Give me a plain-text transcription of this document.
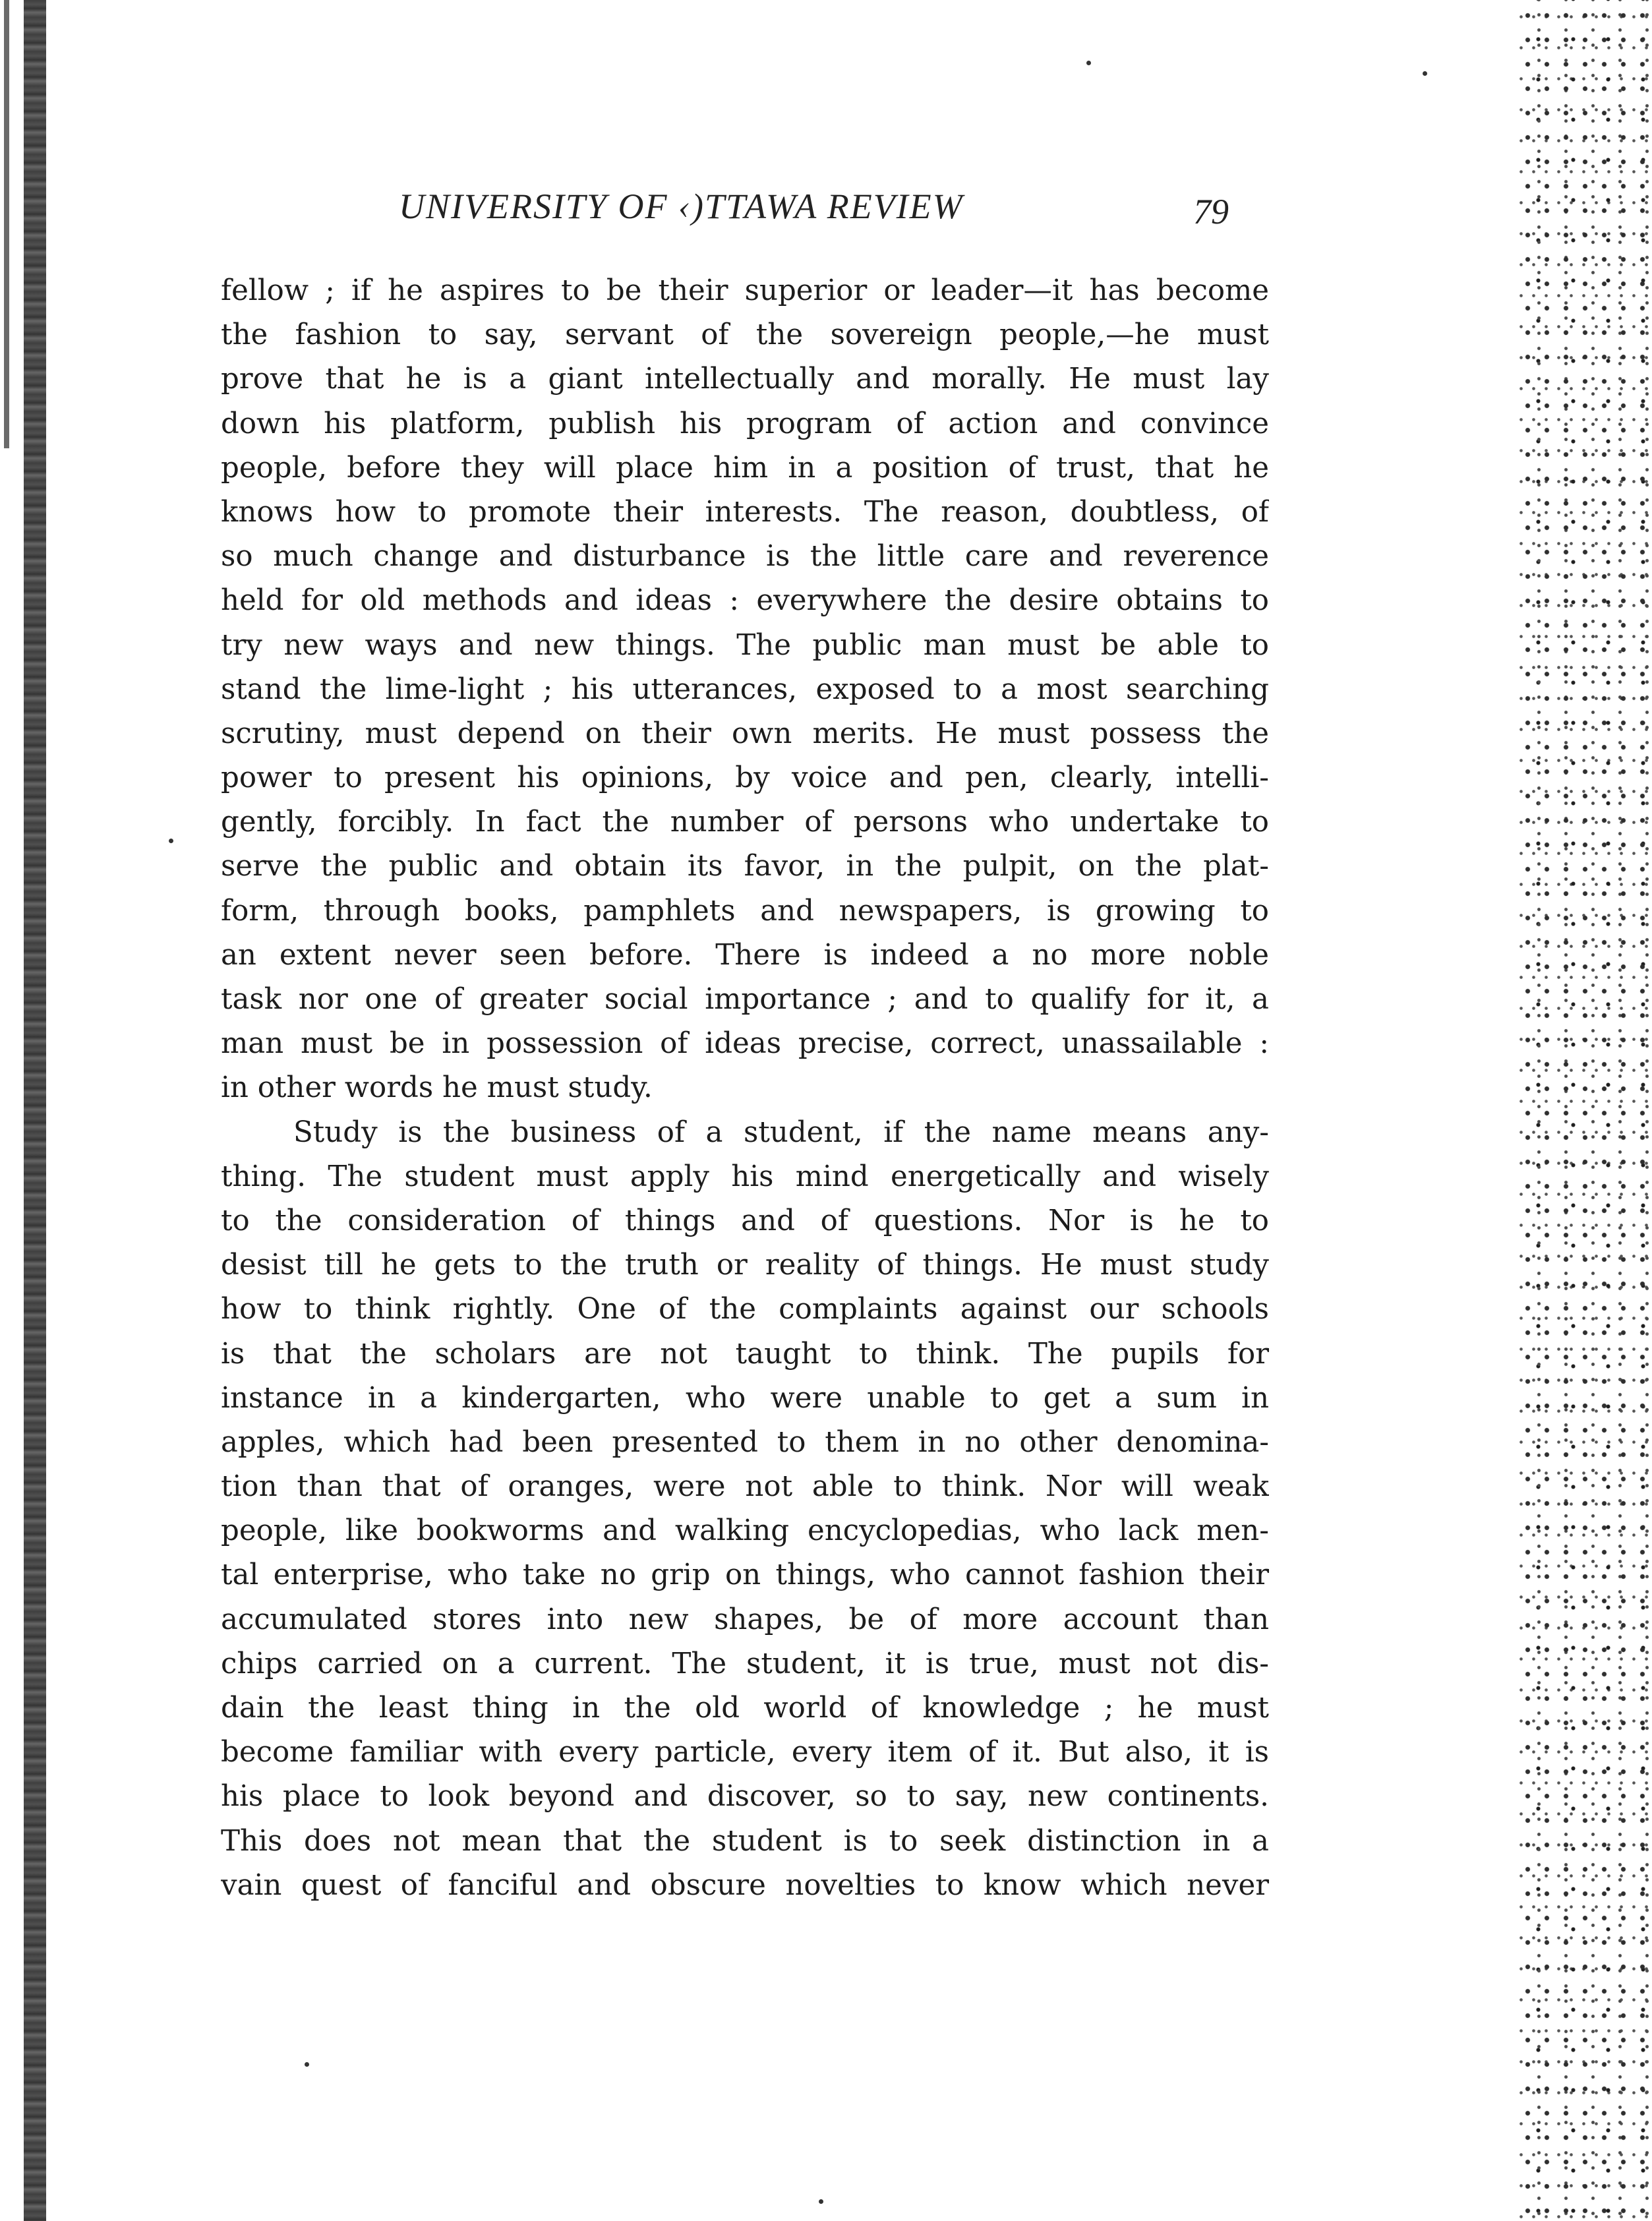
UNIVERSITY OF ‹)TTAWA REVIEW	79
fellow ; if he aspires to be their superior or leader—it has become
the fashion to say, servant of the sovereign people,—he must
prove that he is a giant intellectually and morally. He must lay
down his platform, publish his program of action and convince
people, before they will place him in a position of trust, that he
knows how to promote their interests. The reason, doubtless, of
so much change and disturbance is the little care and reverence
held for old methods and ideas : everywhere the desire obtains to
try new ways and new things. The public man must be able to
stand the lime-light ; his utterances, exposed to a most searching
scrutiny, must depend on their own merits. He must possess the
power to present his opinions, by voice and pen, clearly, intelli-
gently, forcibly. In fact the number of persons who undertake to
serve the public and obtain its favor, in the pulpit, on the plat-
form, through books, pamphlets and newspapers, is growing to
an extent never seen before. There is indeed a no more noble
task nor one of greater social importance ; and to qualify for it, a
man must be in possession of ideas precise, correct, unassailable :
in other words he must study.
Study is the business of a student, if the name means any-
thing. The student must apply his mind energetically and wisely
to the consideration of things and of questions. Nor is he to
desist till he gets to the truth or reality of things. He must study
how to think rightly. One of the complaints against our schools
is that the scholars are not taught to think. The pupils for
instance in a kindergarten, who were unable to get a sum in
apples, which had been presented to them in no other denomina-
tion than that of oranges, were not able to think. Nor will weak
people, like bookworms and walking encyclopedias, who lack men-
tal enterprise, who take no grip on things, who cannot fashion their
accumulated stores into new shapes, be of more account than
chips carried on a current. The student, it is true, must not dis-
dain the least thing in the old world of knowledge ; he must
become familiar with every particle, every item of it. But also, it is
his place to look beyond and discover, so to say, new continents.
This does not mean that the student is to seek distinction in a
vain quest of fanciful and obscure novelties to know which never
